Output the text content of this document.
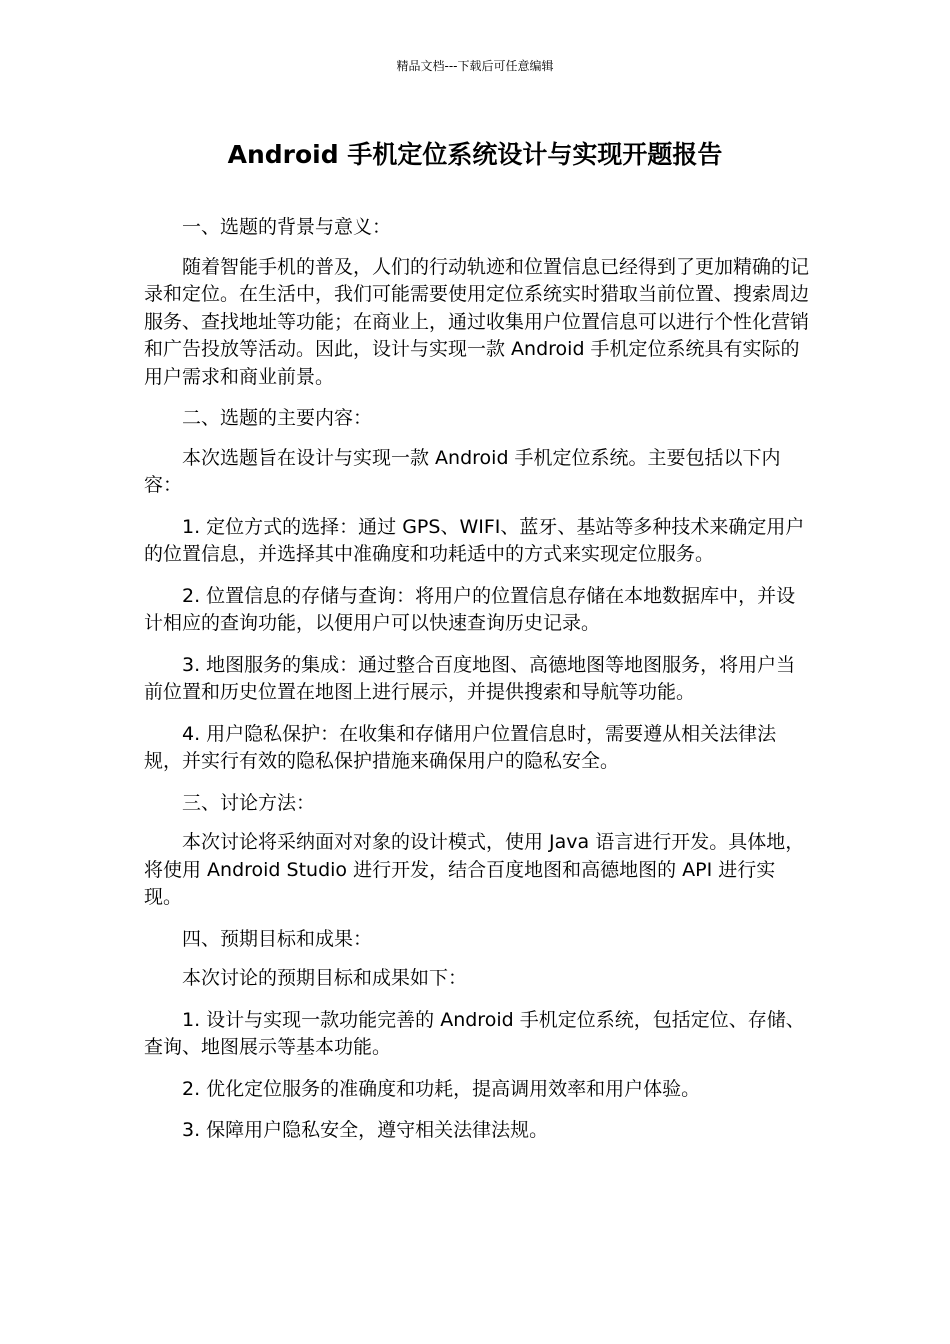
精品文档---下载后可任意编辑
Android 手机定位系统设计与实现开题报告

一、选题的背景与意义：

随着智能手机的普及，人们的行动轨迹和位置信息已经得到了更加精确的记录和定位。在生活中，我们可能需要使用定位系统实时猎取当前位置、搜索周边服务、查找地址等功能；在商业上，通过收集用户位置信息可以进行个性化营销和广告投放等活动。因此，设计与实现一款 Android 手机定位系统具有实际的用户需求和商业前景。

二、选题的主要内容：

本次选题旨在设计与实现一款 Android 手机定位系统。主要包括以下内容：

1. 定位方式的选择：通过 GPS、WIFI、蓝牙、基站等多种技术来确定用户的位置信息，并选择其中准确度和功耗适中的方式来实现定位服务。

2. 位置信息的存储与查询：将用户的位置信息存储在本地数据库中，并设计相应的查询功能，以便用户可以快速查询历史记录。

3. 地图服务的集成：通过整合百度地图、高德地图等地图服务，将用户当前位置和历史位置在地图上进行展示，并提供搜索和导航等功能。

4. 用户隐私保护：在收集和存储用户位置信息时，需要遵从相关法律法规，并实行有效的隐私保护措施来确保用户的隐私安全。

三、讨论方法：

本次讨论将采纳面对对象的设计模式，使用 Java 语言进行开发。具体地，将使用 Android Studio 进行开发，结合百度地图和高德地图的 API 进行实现。

四、预期目标和成果：

本次讨论的预期目标和成果如下：

1. 设计与实现一款功能完善的 Android 手机定位系统，包括定位、存储、查询、地图展示等基本功能。

2. 优化定位服务的准确度和功耗，提高调用效率和用户体验。

3. 保障用户隐私安全，遵守相关法律法规。
